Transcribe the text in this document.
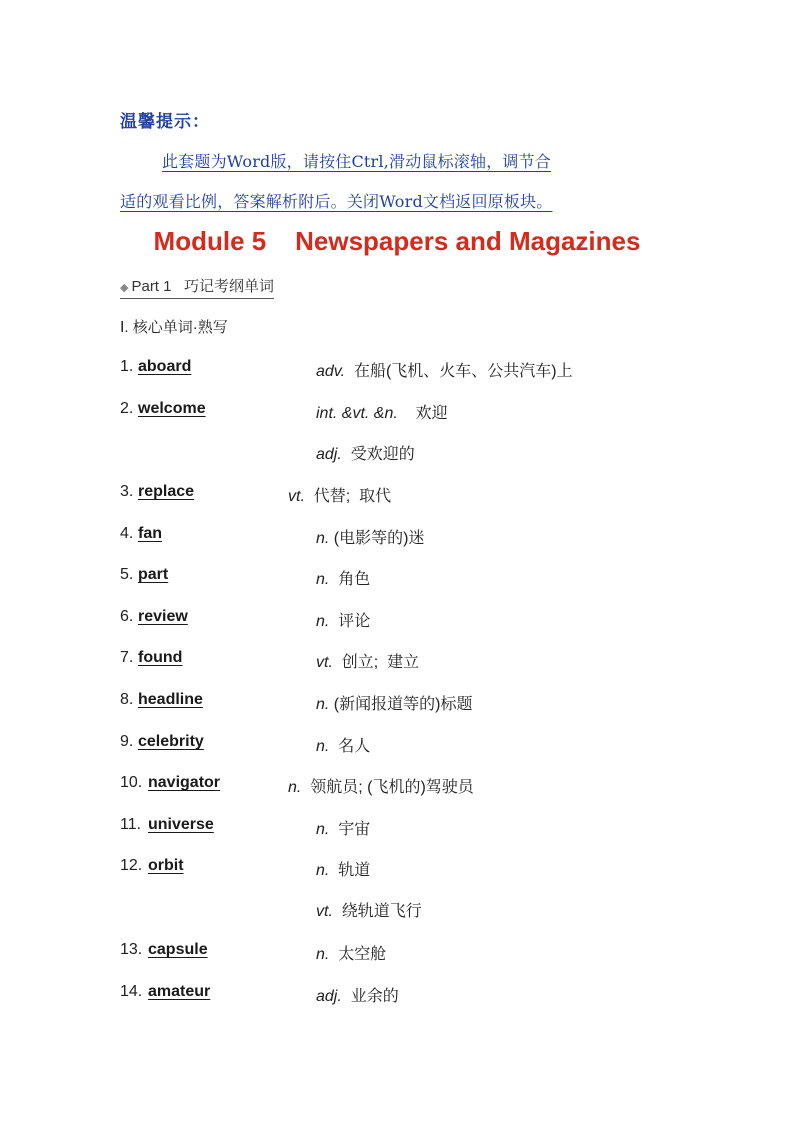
温馨提示：
此套题为Word版，请按住Ctrl,滑动鼠标滚轴，调节合
适的观看比例，答案解析附后。关闭Word文档返回原板块。
Module 5    Newspapers and Magazines
◆ Part 1   巧记考纲单词
Ⅰ. 核心单词·熟写
1. aboard	adv.  在船(飞机、火车、公共汽车)上
2. welcome	int. &vt. &n.    欢迎
adj.  受欢迎的
3. replace	vt.  代替;  取代
4. fan	n. (电影等的)迷
5. part	n.  角色
6. review	n.  评论
7. found	vt.  创立;  建立
8. headline	n. (新闻报道等的)标题
9. celebrity	n.  名人
10. navigator	n.  领航员; (飞机的)驾驶员
11. universe	n.  宇宙
12. orbit	n.  轨道
vt.  绕轨道飞行
13. capsule	n.  太空舱
14. amateur	adj.  业余的
